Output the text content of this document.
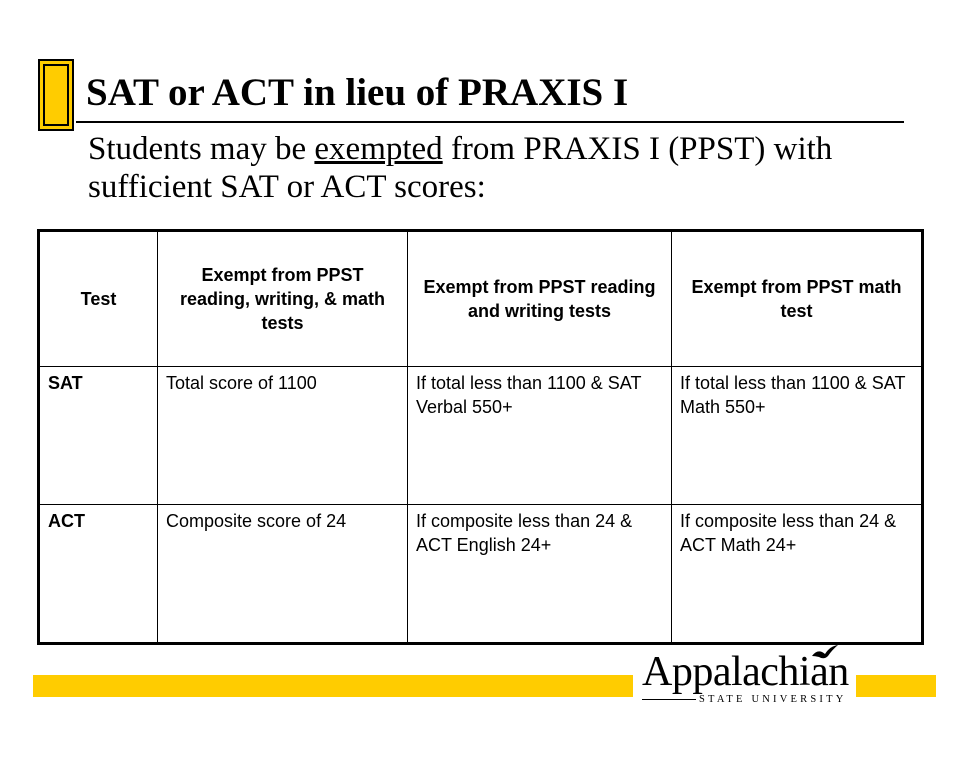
SAT or ACT in lieu of PRAXIS I

Students may be exempted from PRAXIS I (PPST) with sufficient SAT or ACT scores:

Test	Exempt from PPST reading, writing, & math tests	Exempt from PPST reading and writing tests	Exempt from PPST math test
SAT	Total score of 1100	If total less than 1100 & SAT Verbal 550+	If total less than 1100 & SAT Math 550+
ACT	Composite score of 24	If composite less than 24 & ACT English 24+	If composite less than 24 & ACT Math 24+
Appalachian
STATE UNIVERSITY
